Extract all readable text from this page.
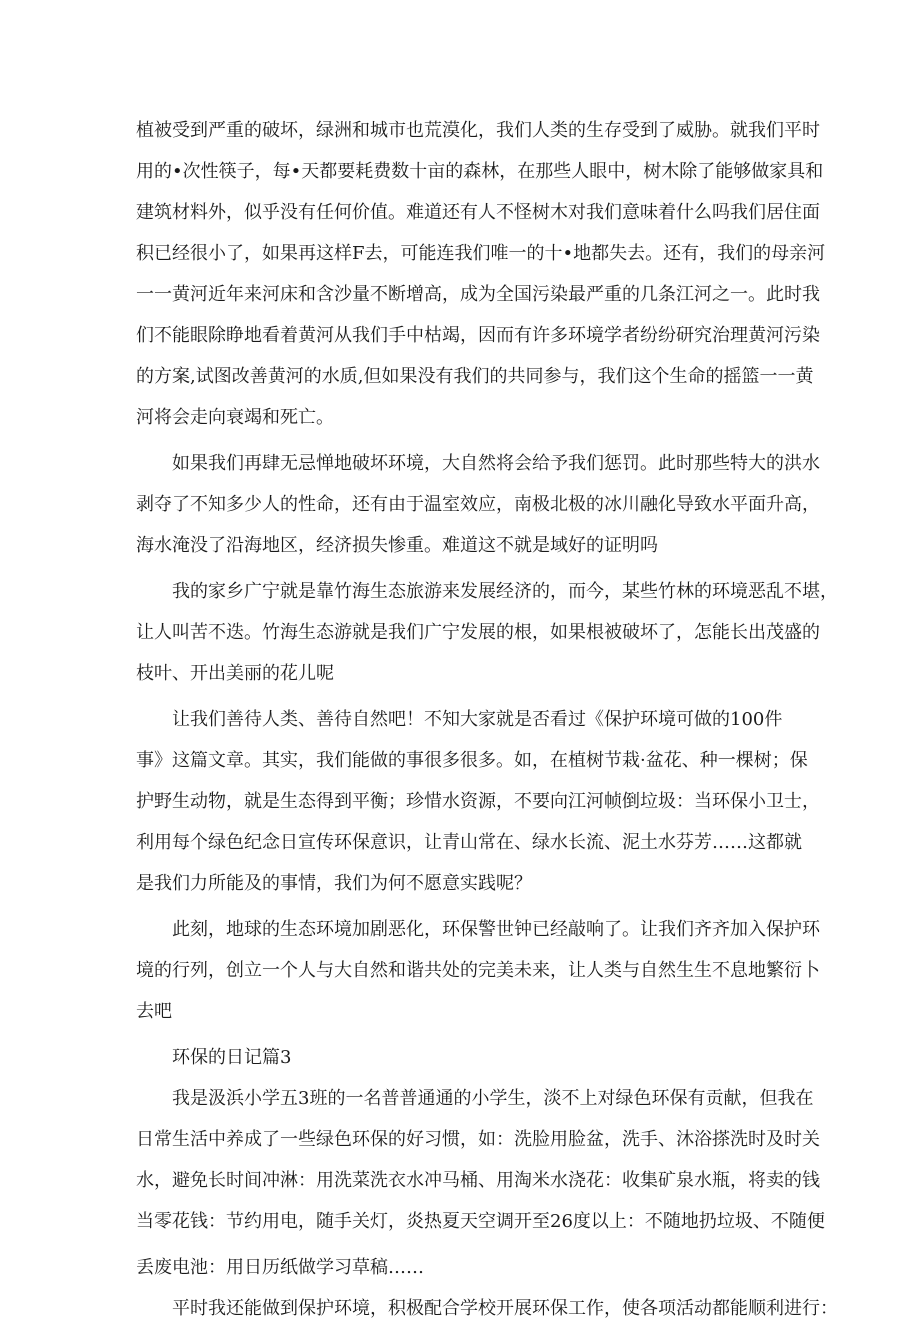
植被受到严重的破坏，绿洲和城市也荒漠化，我们人类的生存受到了威胁。就我们平时
用的•次性筷子，每•天都要耗费数十亩的森林，在那些人眼中，树木除了能够做家具和
建筑材料外，似乎没有任何价值。难道还有人不怪树木对我们意味着什么吗我们居住面
积已经很小了，如果再这样F去，可能连我们唯一的十•地都失去。还有，我们的母亲河
一一黄河近年来河床和含沙量不断增高，成为全国污染最严重的几条江河之一。此时我
们不能眼除睁地看着黄河从我们手中枯竭，因而有许多环境学者纷纷研究治理黄河污染
的方案,试图改善黄河的水质,但如果没有我们的共同参与，我们这个生命的摇篮一一黄
河将会走向衰竭和死亡。
如果我们再肆无忌惮地破坏环境，大自然将会给予我们惩罚。此时那些特大的洪水
剥夺了不知多少人的性命，还有由于温室效应，南极北极的冰川融化导致水平面升高，
海水淹没了沿海地区，经济损失惨重。难道这不就是域好的证明吗
我的家乡广宁就是靠竹海生态旅游来发展经济的，而今，某些竹林的环境恶乱不堪，
让人叫苦不迭。竹海生态游就是我们广宁发展的根，如果根被破坏了，怎能长出茂盛的
枝叶、开出美丽的花儿呢
让我们善待人类、善待自然吧！不知大家就是否看过《保护环境可做的100件
事》这篇文章。其实，我们能做的事很多很多。如，在植树节栽·盆花、种一棵树；保
护野生动物，就是生态得到平衡；珍惜水资源，不要向江河帧倒垃圾：当环保小卫士，
利用每个绿色纪念日宣传环保意识，让青山常在、绿水长流、泥土水芬芳……这都就
是我们力所能及的事情，我们为何不愿意实践呢？
此刻，地球的生态环境加剧恶化，环保警世钟已经敲响了。让我们齐齐加入保护环
境的行列，创立一个人与大自然和谐共处的完美未来，让人类与自然生生不息地繁衍卜
去吧
环保的日记篇3
我是汲浜小学五3班的一名普普通通的小学生，淡不上对绿色环保有贡献，但我在
日常生活中养成了一些绿色环保的好习惯，如：洗脸用脸盆，洗手、沐浴搽洗时及时关
水，避免长时间冲淋：用洗菜洗衣水冲马桶、用淘米水浇花：收集矿泉水瓶，将卖的钱
当零花钱：节约用电，随手关灯，炎热夏天空调开至26度以上：不随地扔垃圾、不随便
丢废电池：用日历纸做学习草稿……
平时我还能做到保护环境，积极配合学校开展环保工作，使各项活动都能顺利进行：
